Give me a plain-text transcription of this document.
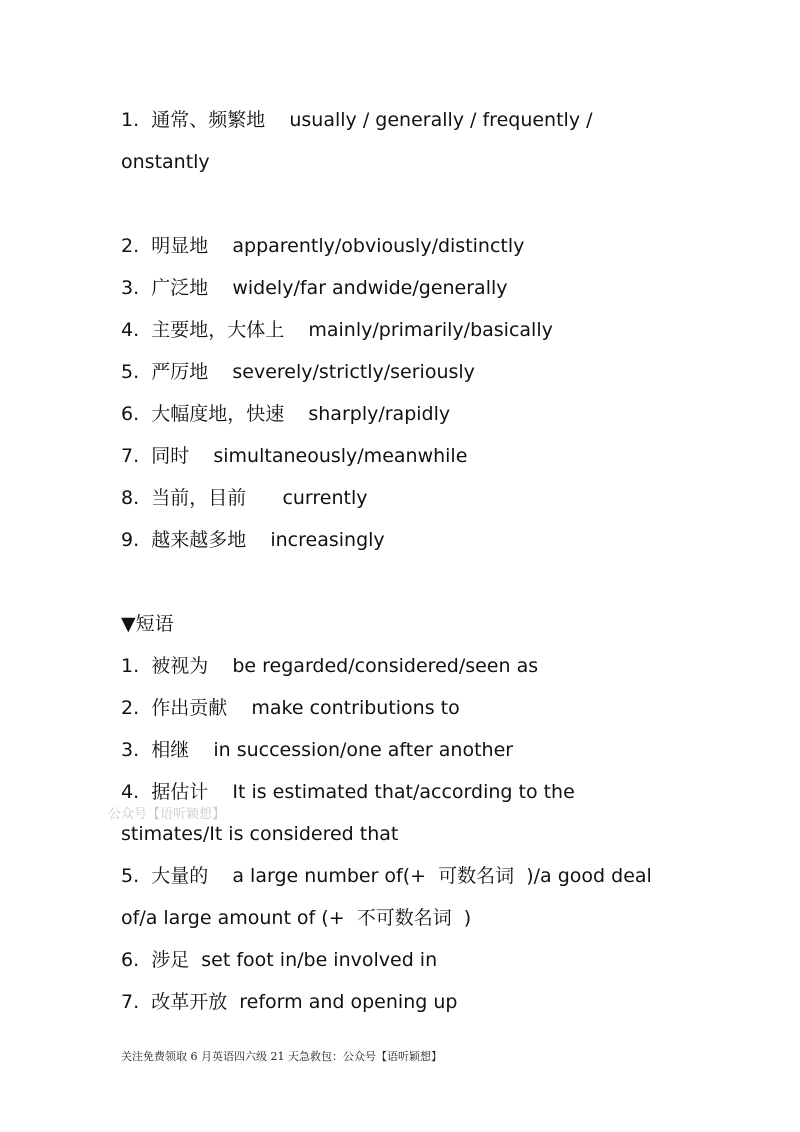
1.  通常、频繁地    usually / generally / frequently /
onstantly
2.  明显地    apparently/obviously/distinctly
3.  广泛地    widely/far andwide/generally
4.  主要地，大体上    mainly/primarily/basically
5.  严厉地    severely/strictly/seriously
6.  大幅度地，快速    sharply/rapidly
7.  同时    simultaneously/meanwhile
8.  当前，目前      currently
9.  越来越多地    increasingly
▼短语
1.  被视为    be regarded/considered/seen as
2.  作出贡献    make contributions to
3.  相继    in succession/one after another
4.  据估计    It is estimated that/according to the
公众号【语听颖想】
stimates/It is considered that
5.  大量的    a large number of(+  可数名词  )/a good deal
of/a large amount of (+  不可数名词  )
6.  涉足  set foot in/be involved in
7.  改革开放  reform and opening up
关注免费领取 6 月英语四六级 21 天急救包：公众号【语听颖想】
